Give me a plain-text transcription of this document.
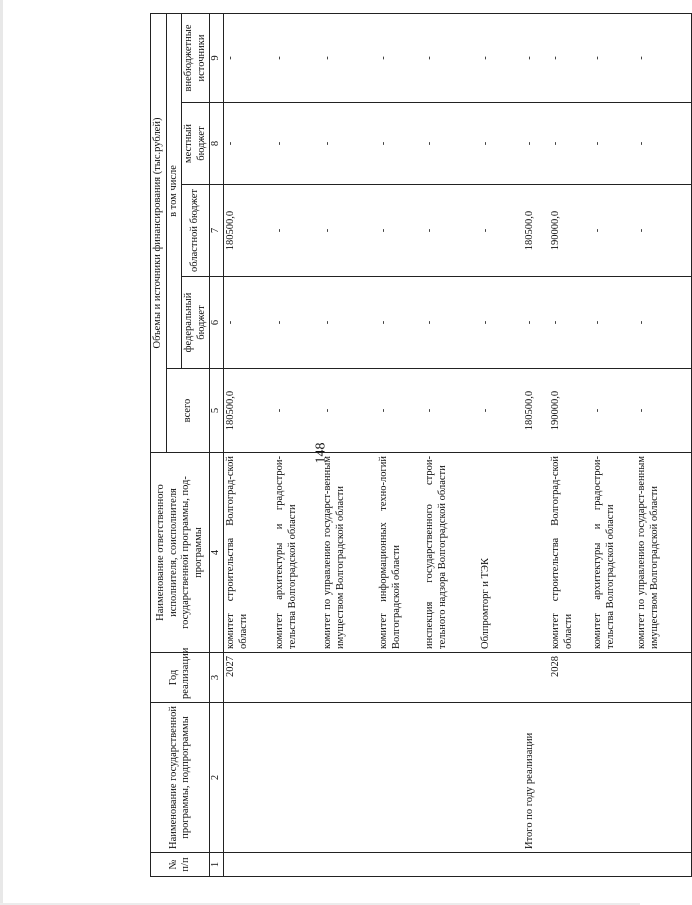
148
№ п/п	Наименование государственной программы, подпрограммы	Год реализации	Наименование ответственного исполнителя, соисполнителя государственной программы, под-программы	Объемы и источники финансирования (тыс.рублей)				
				всего	в том числе			
					федеральный бюджет	областной бюджет	местный бюджет	внебюджетные источники
1	2	3	4	5	6	7	8	9
		2027	комитет строительства Волгоград-ской области	180500,0	-	180500,0	-	-
			комитет архитектуры и градострои-тельства Волгоградской области	-	-	-	-	-
			комитет по управлению государст-венным имуществом Волгоградской области	-	-	-	-	-
			комитет информационных техно-логий Волгоградской области	-	-	-	-	-
			инспекция государственного строи-тельного надзора Волгоградской области	-	-	-	-	-
			Облпромторг и ТЭК	-	-	-	-	-
	Итого по году реализации			180500,0	-	180500,0	-	-
		2028	комитет строительства Волгоград-ской области	190000,0	-	190000,0	-	-
			комитет архитектуры и градострои-тельства Волгоградской области	-	-	-	-	-
			комитет по управлению государст-венным имуществом Волгоградской области	-	-	-	-	-
